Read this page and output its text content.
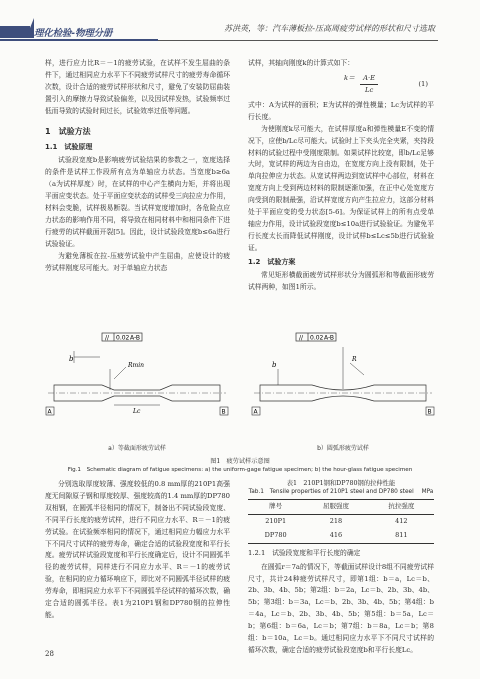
理化检验-物理分册	苏洪英，等：汽车薄板拉-压高周疲劳试样的形状和尺寸选取

样，进行应力比R＝－1的疲劳试验，在试样不发生屈曲的条件下，通过相同应力水平下不同疲劳试样尺寸的疲劳寿命循环次数，设计合适的疲劳试样形状和尺寸，避免了安装防屈曲装置引入的摩擦力导致试验偏差，以及因试样发热，试验频率过低而导致的试验时间过长，试验效率过低等问题。

1　试验方法
1.1　试验原理

试验段宽度b是影响疲劳试验结果的参数之一，宽度选择的条件是试样工作段所有点为单轴应力状态。当宽度b≥6a（a为试样厚度）时，在试样的中心产生横向力矩，并将出现平面应变状态。处于平面应变状态的试样受三向拉应力作用，材料会变脆，试样极易断裂。当试样宽度增加时，各危险点应力状态的影响作用不同，将导致在相同材料中和相同条件下进行疲劳的试样截面开裂[5]。因此，设计试验段宽度b≤6a进行试验验证。

为避免薄板在拉-压疲劳试验中产生屈曲，应使设计的疲劳试样刚度尽可能大。对于单轴应力状态

试样，其轴向刚度k的计算式如下：

$k= \frac{A\cdot E}{Lc}$	(1)

式中：A为试样的面积；E为试样的弹性模量；Lc为试样的平行长度。

为使刚度k尽可能大，在试样厚度a和弹性模量E不变的情况下，应使b/Lc尽可能大。试验时上下夹头完全夹紧，夹持段材料的试验过程中受刚度限制。如果试样比较宽，即b/Lc足够大时，宽试样的两边为自由边，在宽度方向上没有限制，处于单向拉伸应力状态。从宽试样两边到宽试样中心部位，材料在宽度方向上受到两边材料的限制逐渐加强，在正中心处宽度方向受到的限制最强，沿试样宽度方向产生拉应力，这部分材料处于平面应变的受力状态[5-6]。为保证试样上的所有点受单轴应力作用，设计试验段宽度b≤10a进行试验验证。为避免平行长度太长而降低试样刚度，设计试样b≤Lc≤5b进行试验验证。

1.2　试验方案

常见矩形横截面疲劳试样形状分为圆弧形和等截面形疲劳试样两种，如图1所示。

// 0.02 A-B
b
Rmin
Lc
A	B
a）等截面形疲劳试样
// 0.02 A-B
b
R
A	B
b）圆弧形疲劳试样
图1　疲劳试样示意图
Fig.1　Schematic diagram of fatigue specimens: a) the uniform-gage fatigue specimen; b) the hour-glass fatigue specimen

分别选取厚度较薄、强度较低的0.8 mm厚的210P1高强度无间隙原子钢和厚度较厚、强度较高的1.4 mm厚的DP780双相钢，在圆弧半径相同的情况下，制备出不同试验段宽度、不同平行长度的疲劳试样，进行不同应力水平、R＝－1的疲劳试验。在试验频率相同的情况下，通过相同应力幅应力水平下不同尺寸试样的疲劳寿命，确定合适的试验段宽度和平行长度。疲劳试样试验段宽度和平行长度确定后，设计不同圆弧半径的疲劳试样，同样进行不同应力水平、R＝－1的疲劳试验，在相同的应力循环响应下，即比对不同圆弧半径试样的疲劳寿命，即相同应力水平下不同圆弧半径试样的循环次数，确定合适的圆弧半径。表1为210P1钢和DP780钢的拉伸性能。

表1　210P1钢和DP780钢的拉伸性能
Tab.1　Tensile properties of 210P1 steel and DP780 steel MPa
牌号	屈服强度	抗拉强度
210P1	218	412
DP780	416	811
1.2.1　试验段宽度和平行长度的确定

在圆弧r＝7a的情况下，等截面试样设计8组不同疲劳试样尺寸，共计24种疲劳试样尺寸，即第1组：b＝a，Lc＝b、2b、3b、4b、5b；第2组：b＝2a，Lc＝b、2b、3b、4b、5b；第3组：b＝3a，Lc＝b、2b、3b、4b、5b；第4组：b＝4a，Lc＝b、2b、3b、4b、5b；第5组：b＝5a，Lc＝b；第6组：b＝6a，Lc＝b；第7组：b＝8a，Lc＝b；第8组：b＝10a，Lc＝b。通过相同应力水平下不同尺寸试样的循环次数，确定合适的疲劳试验段宽度b和平行长度Lc。

28
